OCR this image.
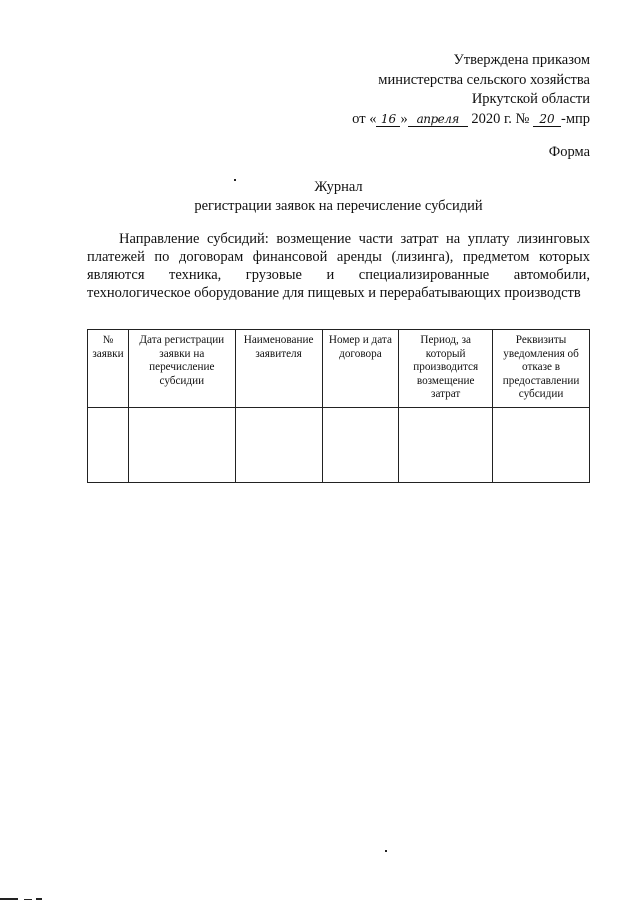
Утверждена приказом
министерства сельского хозяйства
Иркутской области
от « 16 » апреля 2020 г. № 20 -мпр
Форма
Журнал
регистрации заявок на перечисление субсидий
Направление субсидий: возмещение части затрат на уплату лизинговых платежей по договорам финансовой аренды (лизинга), предметом которых являются техника, грузовые и специализированные автомобили, технологическое оборудование для пищевых и перерабатывающих производств
№ заявки	Дата регистрации заявки на перечисление субсидии	Наименование заявителя	Номер и дата договора	Период, за который производится возмещение затрат	Реквизиты уведомления об отказе в предоставлении субсидии
